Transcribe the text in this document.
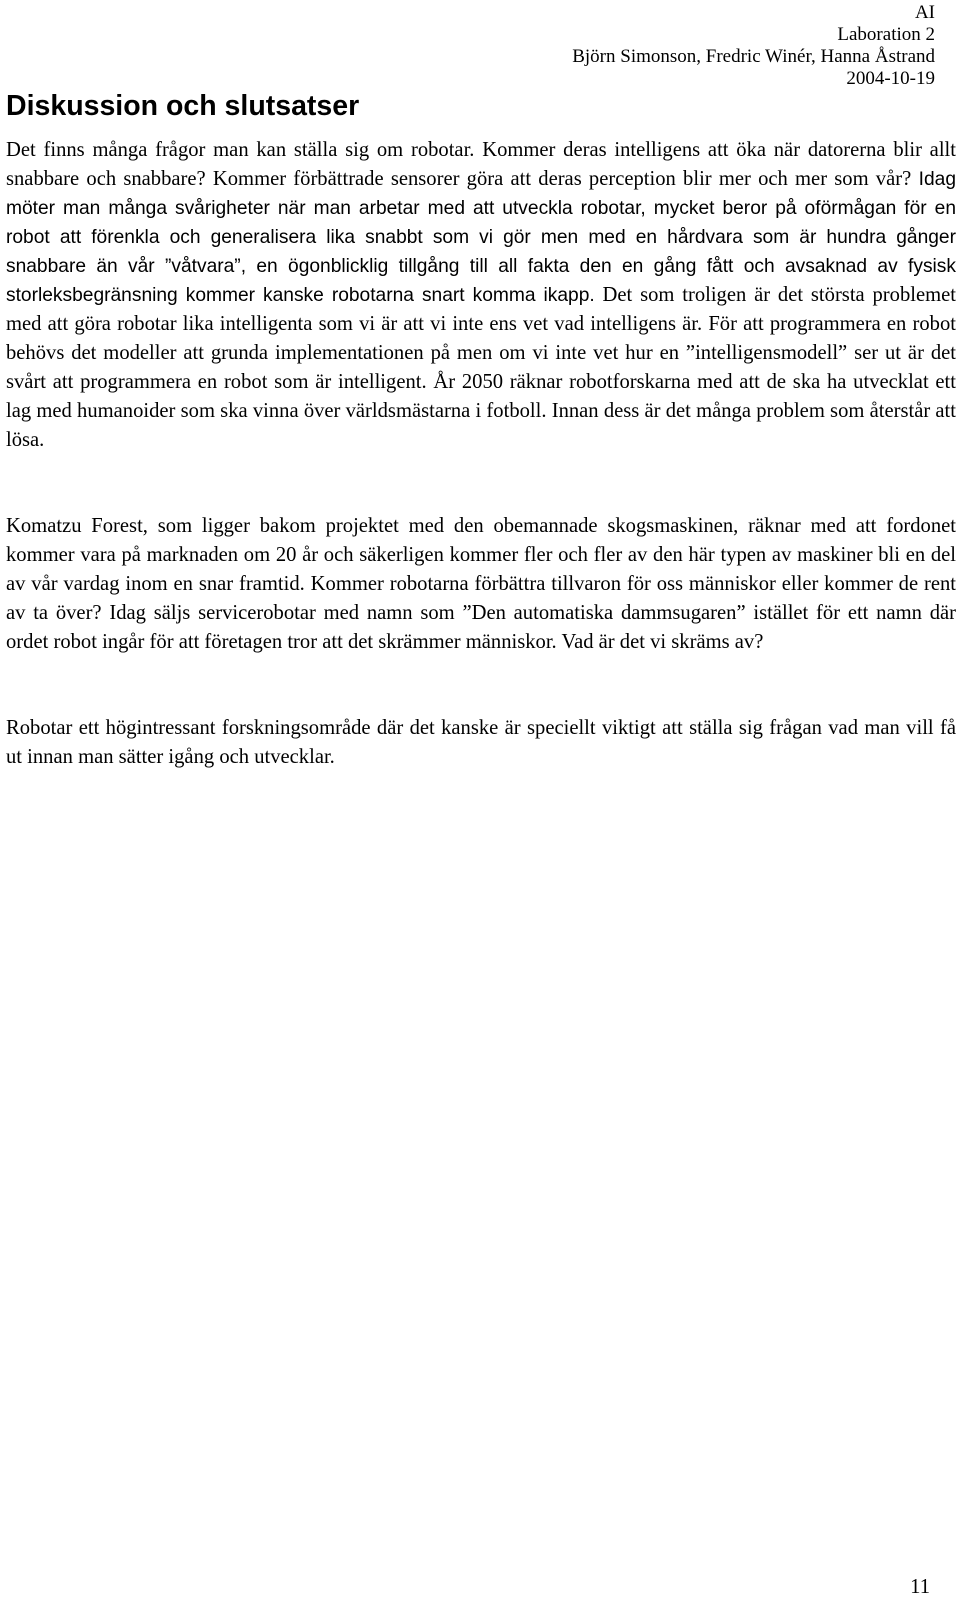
AI
Laboration 2
Björn Simonson, Fredric Winér, Hanna Åstrand
2004-10-19
Diskussion och slutsatser

Det finns många frågor man kan ställa sig om robotar. Kommer deras intelligens att öka när datorerna blir allt snabbare och snabbare? Kommer förbättrade sensorer göra att deras perception blir mer och mer som vår? Idag möter man många svårigheter när man arbetar med att utveckla robotar, mycket beror på oförmågan för en robot att förenkla och generalisera lika snabbt som vi gör men med en hårdvara som är hundra gånger snabbare än vår ”våtvara”, en ögonblicklig tillgång till all fakta den en gång fått och avsaknad av fysisk storleksbegränsning kommer kanske robotarna snart komma ikapp. Det som troligen är det största problemet med att göra robotar lika intelligenta som vi är att vi inte ens vet vad intelligens är. För att programmera en robot behövs det modeller att grunda implementationen på men om vi inte vet hur en ”intelligensmodell” ser ut är det svårt att programmera en robot som är intelligent. År 2050 räknar robotforskarna med att de ska ha utvecklat ett lag med humanoider som ska vinna över världsmästarna i fotboll. Innan dess är det många problem som återstår att lösa.

Komatzu Forest, som ligger bakom projektet med den obemannade skogsmaskinen, räknar med att fordonet kommer vara på marknaden om 20 år och säkerligen kommer fler och fler av den här typen av maskiner bli en del av vår vardag inom en snar framtid. Kommer robotarna förbättra tillvaron för oss människor eller kommer de rent av ta över? Idag säljs servicerobotar med namn som ”Den automatiska dammsugaren” istället för ett namn där ordet robot ingår för att företagen tror att det skrämmer människor. Vad är det vi skräms av?

Robotar ett högintressant forskningsområde där det kanske är speciellt viktigt att ställa sig frågan vad man vill få ut innan man sätter igång och utvecklar.

11
